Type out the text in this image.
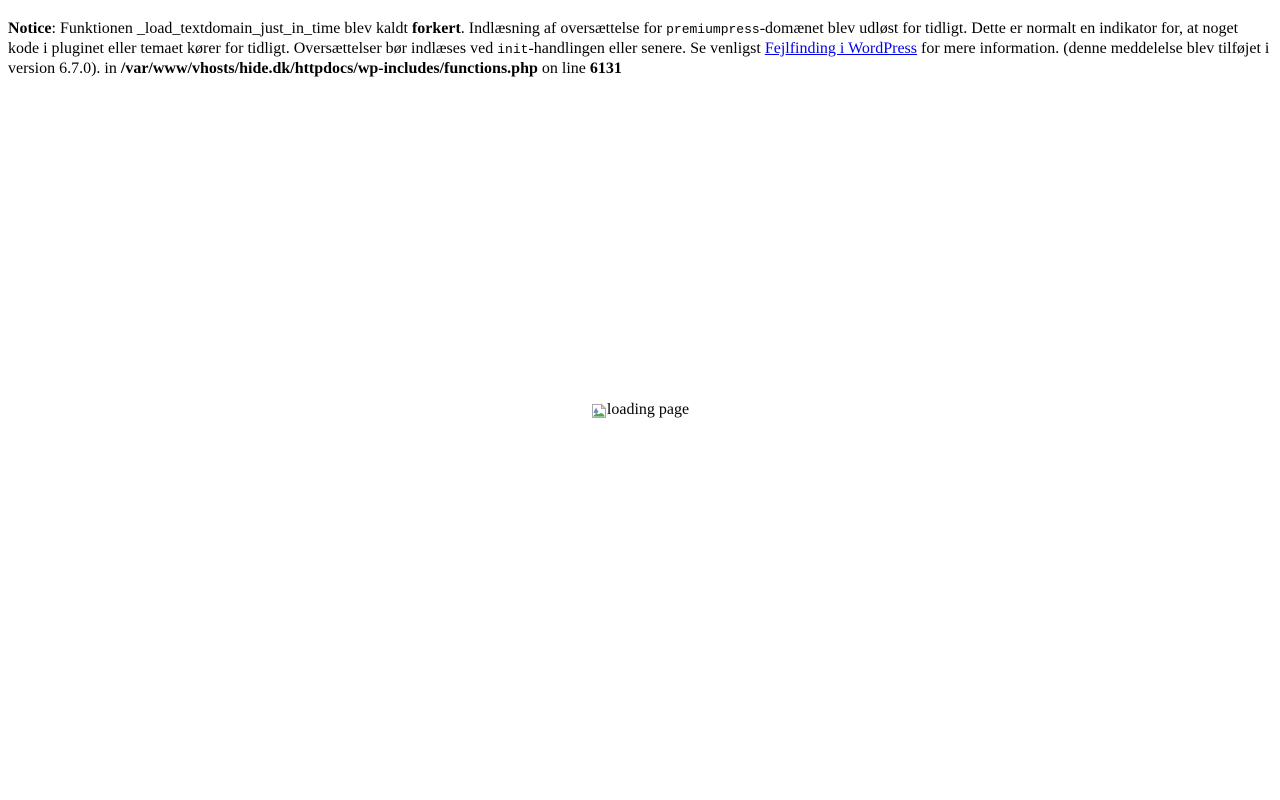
Notice: Funktionen _load_textdomain_just_in_time blev kaldt forkert. Indlæsning af oversættelse for premiumpress-domænet blev udløst for tidligt. Dette er normalt en indikator for, at noget kode i pluginet eller temaet kører for tidligt. Oversættelser bør indlæses ved init-handlingen eller senere. Se venligst Fejlfinding i WordPress for mere information. (denne meddelelse blev tilføjet i version 6.7.0). in /var/www/vhosts/hide.dk/httpdocs/wp-includes/functions.php on line 6131

loading page
